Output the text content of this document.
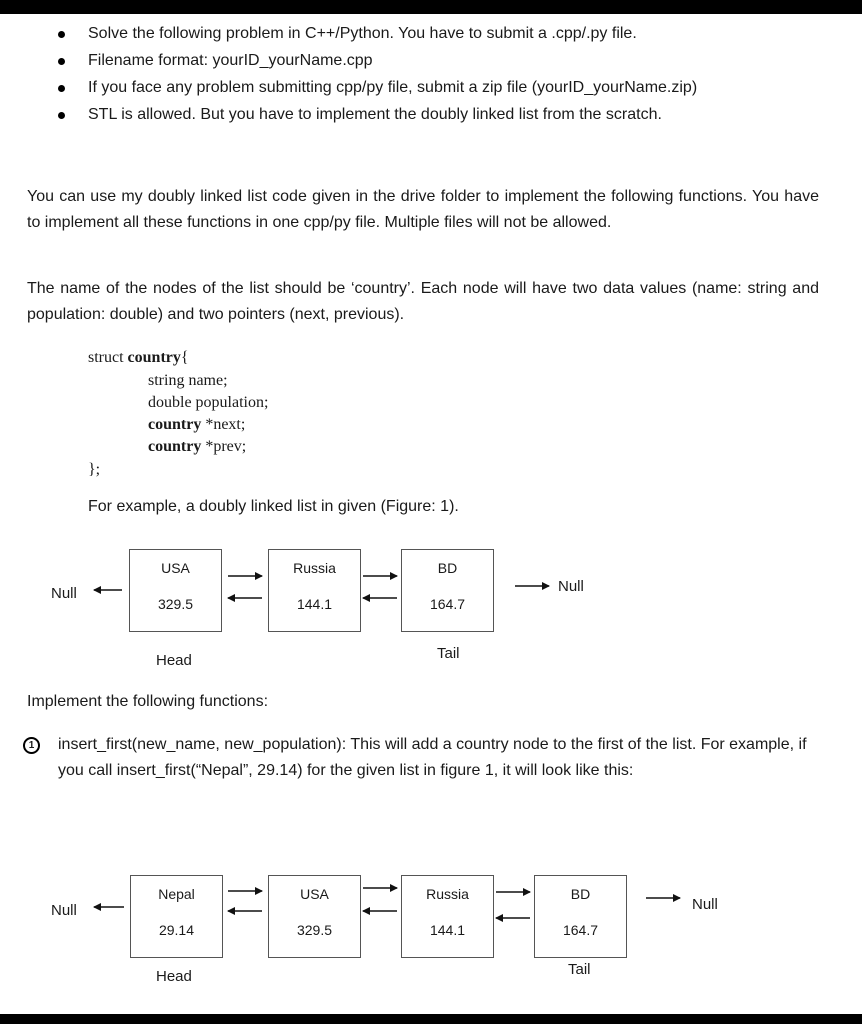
Solve the following problem in C++/Python. You have to submit a .cpp/.py file.
Filename format: yourID_yourName.cpp
If you face any problem submitting cpp/py file, submit a zip file (yourID_yourName.zip)
STL is allowed. But you have to implement the doubly linked list from the scratch.

You can use my doubly linked list code given in the drive folder to implement the following functions. You have to implement all these functions in one cpp/py file. Multiple files will not be allowed.

The name of the nodes of the list should be ‘country’. Each node will have two data values (name: string and population: double) and two pointers (next, previous).

struct country{
string name;
double population;
country *next;
country *prev;
};
For example, a doubly linked list in given (Figure: 1).
Null
USA
329.5
Russia
144.1
BD
164.7
Null
Head	Tail
Implement the following functions:
1	insert_first(new_name, new_population): This will add a country node to the first of the list. For example, if you call insert_first(“Nepal”, 29.14) for the given list in figure 1, it will look like this:

Null
Nepal
29.14
USA
329.5
Russia
144.1
BD
164.7
Null
Head	Tail
